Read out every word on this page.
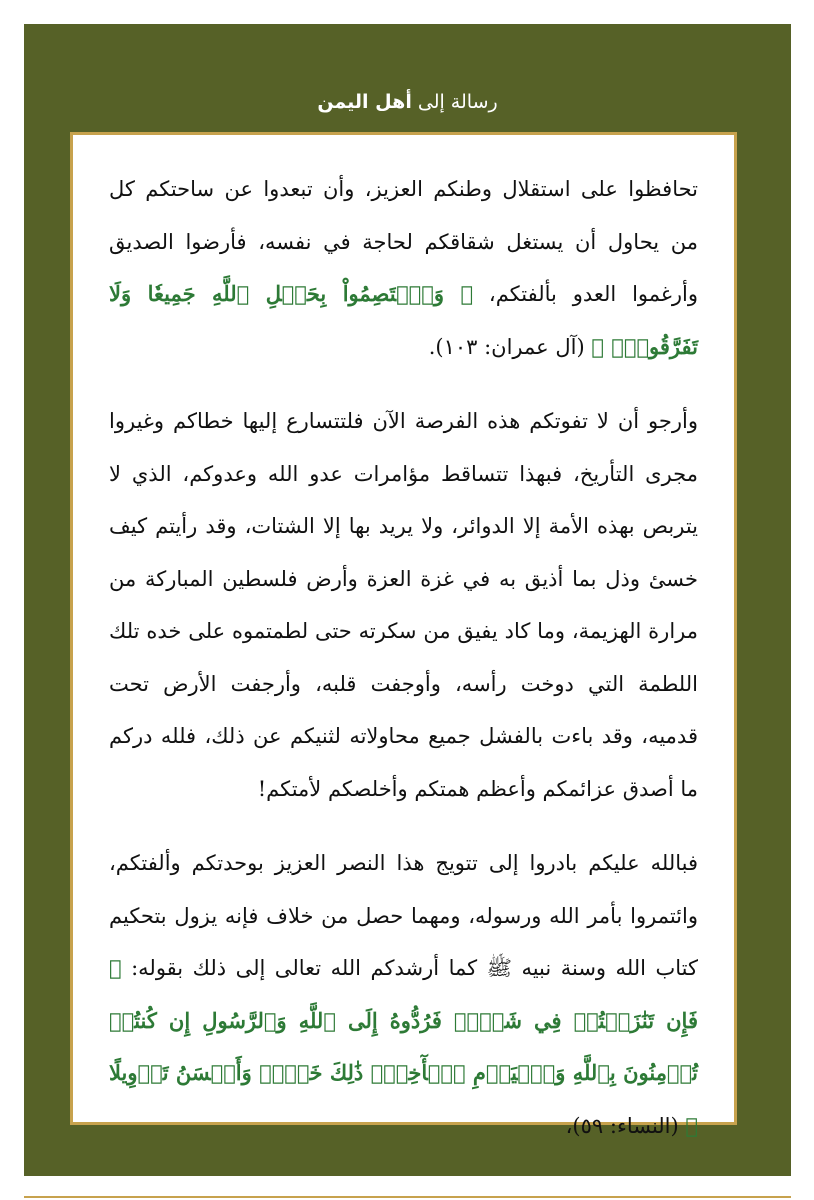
رسالة إلى أهل اليمن

تحافظوا على استقلال وطنكم العزيز، وأن تبعدوا عن ساحتكم كل من يحاول أن يستغل شقاقكم لحاجة في نفسه، فأرضوا الصديق وأرغموا العدو بألفتكم، ﴿ وَٱعۡتَصِمُواْ بِحَبۡلِ ٱللَّهِ جَمِيعٗا وَلَا تَفَرَّقُواْۚ ﴾ (آل عمران: ١٠٣).

وأرجو أن لا تفوتكم هذه الفرصة الآن فلتتسارع إليها خطاكم وغيروا مجرى التأريخ، فبهذا تتساقط مؤامرات عدو الله وعدوكم، الذي لا يتربص بهذه الأمة إلا الدوائر، ولا يريد بها إلا الشتات، وقد رأيتم كيف خسئ وذل بما أذيق به في غزة العزة وأرض فلسطين المباركة من مرارة الهزيمة، وما كاد يفيق من سكرته حتى لطمتموه على خده تلك اللطمة التي دوخت رأسه، وأوجفت قلبه، وأرجفت الأرض تحت قدميه، وقد باءت بالفشل جميع محاولاته لثنيكم عن ذلك، فلله دركم ما أصدق عزائمكم وأعظم همتكم وأخلصكم لأمتكم!

فبالله عليكم بادروا إلى تتويج هذا النصر العزيز بوحدتكم وألفتكم، وائتمروا بأمر الله ورسوله، ومهما حصل من خلاف فإنه يزول بتحكيم كتاب الله وسنة نبيه ﷺ كما أرشدكم الله تعالى إلى ذلك بقوله: ﴿ فَإِن تَنَٰزَعۡتُمۡ فِي شَيۡءٖ فَرُدُّوهُ إِلَى ٱللَّهِ وَٱلرَّسُولِ إِن كُنتُمۡ تُؤۡمِنُونَ بِٱللَّهِ وَٱلۡيَوۡمِ ٱلۡأٓخِرِۚ ذَٰلِكَ خَيۡرٞ وَأَحۡسَنُ تَأۡوِيلًا ﴾ (النساء: ٥٩)،
